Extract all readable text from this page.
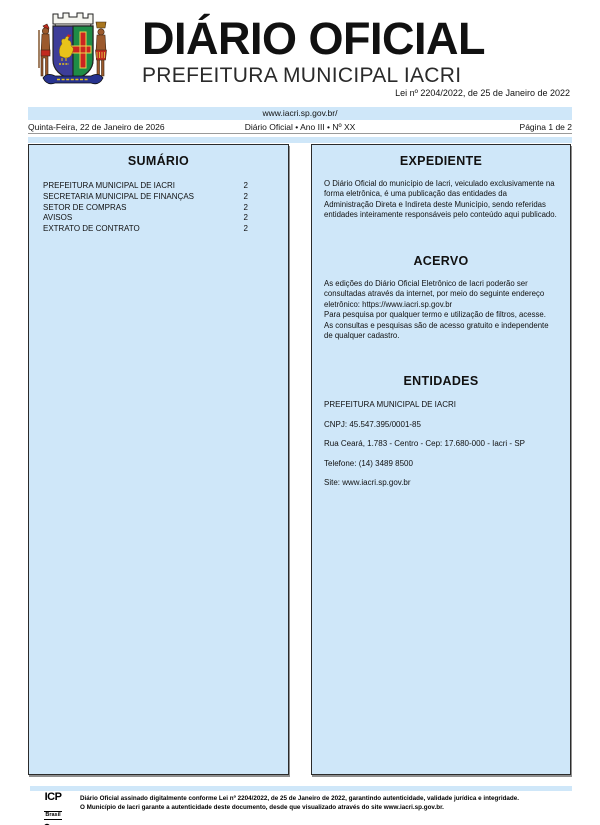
DIÁRIO OFICIAL
PREFEITURA MUNICIPAL IACRI
Lei nº 2204/2022, de 25 de Janeiro de 2022
www.iacri.sp.gov.br/
Quinta-Feira, 22 de Janeiro de 2026	Diário Oficial • Ano III • Nº XX	Página 1 de 2
SUMÁRIO
PREFEITURA MUNICIPAL DE IACRI	2
SECRETARIA MUNICIPAL DE FINANÇAS	2
SETOR DE COMPRAS	2
AVISOS	2
EXTRATO DE CONTRATO	2
EXPEDIENTE
O Diário Oficial do município de Iacri, veiculado exclusivamente na forma eletrônica, é uma publicação das entidades da Administração Direta e Indireta deste Município, sendo referidas entidades inteiramente responsáveis pelo conteúdo aqui publicado.
ACERVO
As edições do Diário Oficial Eletrônico de Iacri poderão ser consultadas através da internet, por meio do seguinte endereço eletrônico: https://www.iacri.sp.gov.br
Para pesquisa por qualquer termo e utilização de filtros, acesse.
As consultas e pesquisas são de acesso gratuito e independente de qualquer cadastro.
ENTIDADES
PREFEITURA MUNICIPAL DE IACRI
CNPJ: 45.547.395/0001-85
Rua Ceará, 1.783 - Centro - Cep: 17.680-000 - Iacri - SP
Telefone: (14) 3489 8500
Site: www.iacri.sp.gov.br
ICP
Brasil
Diário Oficial assinado digitalmente conforme Lei nº 2204/2022, de 25 de Janeiro de 2022, garantindo autenticidade, validade jurídica e integridade.
O Município de Iacri garante a autenticidade deste documento, desde que visualizado através do site www.iacri.sp.gov.br.
